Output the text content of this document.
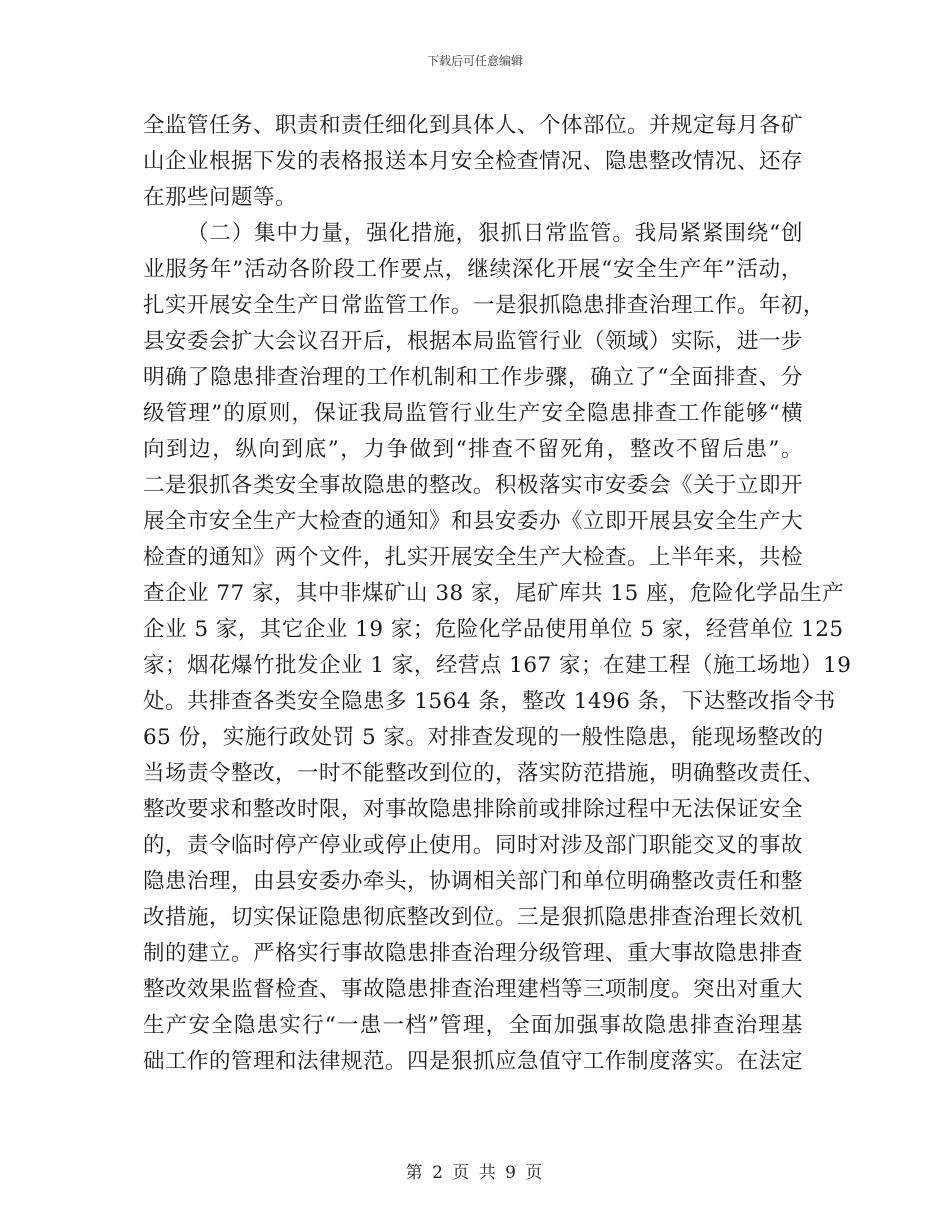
下载后可任意编辑
全监管任务、职责和责任细化到具体人、个体部位。并规定每月各矿
山企业根据下发的表格报送本月安全检查情况、隐患整改情况、还存
在那些问题等。
（二）集中力量，强化措施，狠抓日常监管。我局紧紧围绕“创
业服务年”活动各阶段工作要点，继续深化开展“安全生产年”活动，
扎实开展安全生产日常监管工作。一是狠抓隐患排查治理工作。年初，
县安委会扩大会议召开后，根据本局监管行业（领域）实际，进一步
明确了隐患排查治理的工作机制和工作步骤，确立了“全面排查、分
级管理”的原则，保证我局监管行业生产安全隐患排查工作能够“横
向到边，纵向到底”，力争做到“排查不留死角，整改不留后患”。
二是狠抓各类安全事故隐患的整改。积极落实市安委会《关于立即开
展全市安全生产大检查的通知》和县安委办《立即开展县安全生产大
检查的通知》两个文件，扎实开展安全生产大检查。上半年来，共检
查企业 77 家，其中非煤矿山 38 家，尾矿库共 15 座，危险化学品生产
企业 5 家，其它企业 19 家；危险化学品使用单位 5 家，经营单位 125
家；烟花爆竹批发企业 1 家，经营点 167 家；在建工程（施工场地）19
处。共排查各类安全隐患多 1564 条，整改 1496 条，下达整改指令书
65 份，实施行政处罚 5 家。对排查发现的一般性隐患，能现场整改的
当场责令整改，一时不能整改到位的，落实防范措施，明确整改责任、
整改要求和整改时限，对事故隐患排除前或排除过程中无法保证安全
的，责令临时停产停业或停止使用。同时对涉及部门职能交叉的事故
隐患治理，由县安委办牵头，协调相关部门和单位明确整改责任和整
改措施，切实保证隐患彻底整改到位。三是狠抓隐患排查治理长效机
制的建立。严格实行事故隐患排查治理分级管理、重大事故隐患排查
整改效果监督检查、事故隐患排查治理建档等三项制度。突出对重大
生产安全隐患实行“一患一档”管理，全面加强事故隐患排查治理基
础工作的管理和法律规范。四是狠抓应急值守工作制度落实。在法定
第 2 页 共 9 页
